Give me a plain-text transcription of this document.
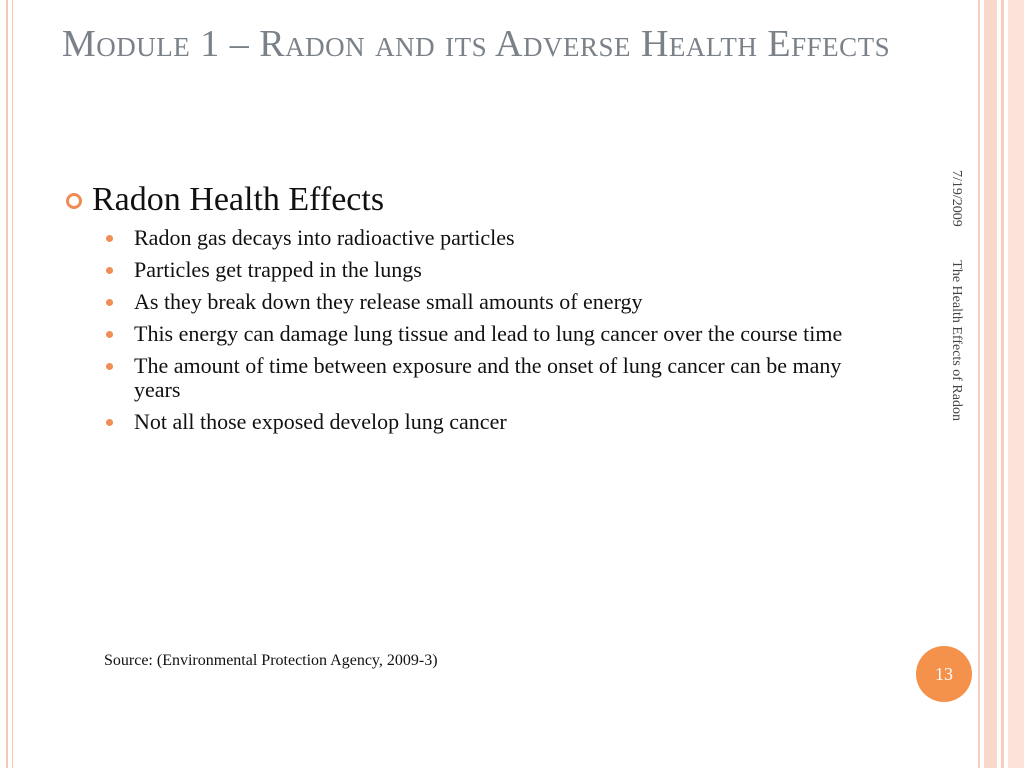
Module 1 – Radon and its Adverse Health Effects
Radon Health Effects
Radon gas decays into radioactive particles
Particles get trapped in the lungs
As they break down they release small amounts of energy
This energy can damage lung tissue and lead to lung cancer over the course time
The amount of time between exposure and the onset of lung cancer can be many years
Not all those exposed develop lung cancer
Source: (Environmental Protection Agency, 2009-3)
7/19/2009 The Health Effects of Radon
13
